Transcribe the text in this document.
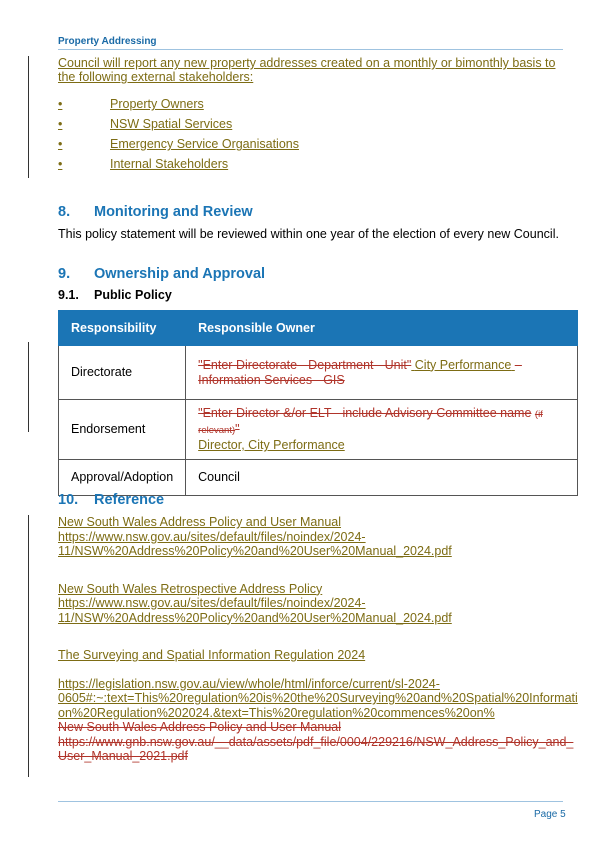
Property Addressing
Council will report any new property addresses created on a monthly or bimonthly basis to the following external stakeholders:
•	Property Owners
•	NSW Spatial Services
•	Emergency Service Organisations
•	Internal Stakeholders
8. Monitoring and Review
This policy statement will be reviewed within one year of the election of every new Council.
9. Ownership and Approval
9.1. Public Policy
Responsibility	Responsible Owner
Directorate	"Enter Directorate - Department - Unit" City Performance – Information Services - GIS
Endorsement	"Enter Director &/or ELT - include Advisory Committee name (if relevant)"
Director, City Performance
Approval/Adoption	Council
10. Reference
New South Wales Address Policy and User Manual
https://www.nsw.gov.au/sites/default/files/noindex/2024-
11/NSW%20Address%20Policy%20and%20User%20Manual_2024.pdf
New South Wales Retrospective Address Policy
https://www.nsw.gov.au/sites/default/files/noindex/2024-
11/NSW%20Address%20Policy%20and%20User%20Manual_2024.pdf
The Surveying and Spatial Information Regulation 2024
https://legislation.nsw.gov.au/view/whole/html/inforce/current/sl-2024-
0605#:~:text=This%20regulation%20is%20the%20Surveying%20and%20Spatial%20Informati
on%20Regulation%202024.&text=This%20regulation%20commences%20on%
New South Wales Address Policy and User Manual
https://www.gnb.nsw.gov.au/__data/assets/pdf_file/0004/229216/NSW_Address_Policy_and_
User_Manual_2021.pdf
Page 5
